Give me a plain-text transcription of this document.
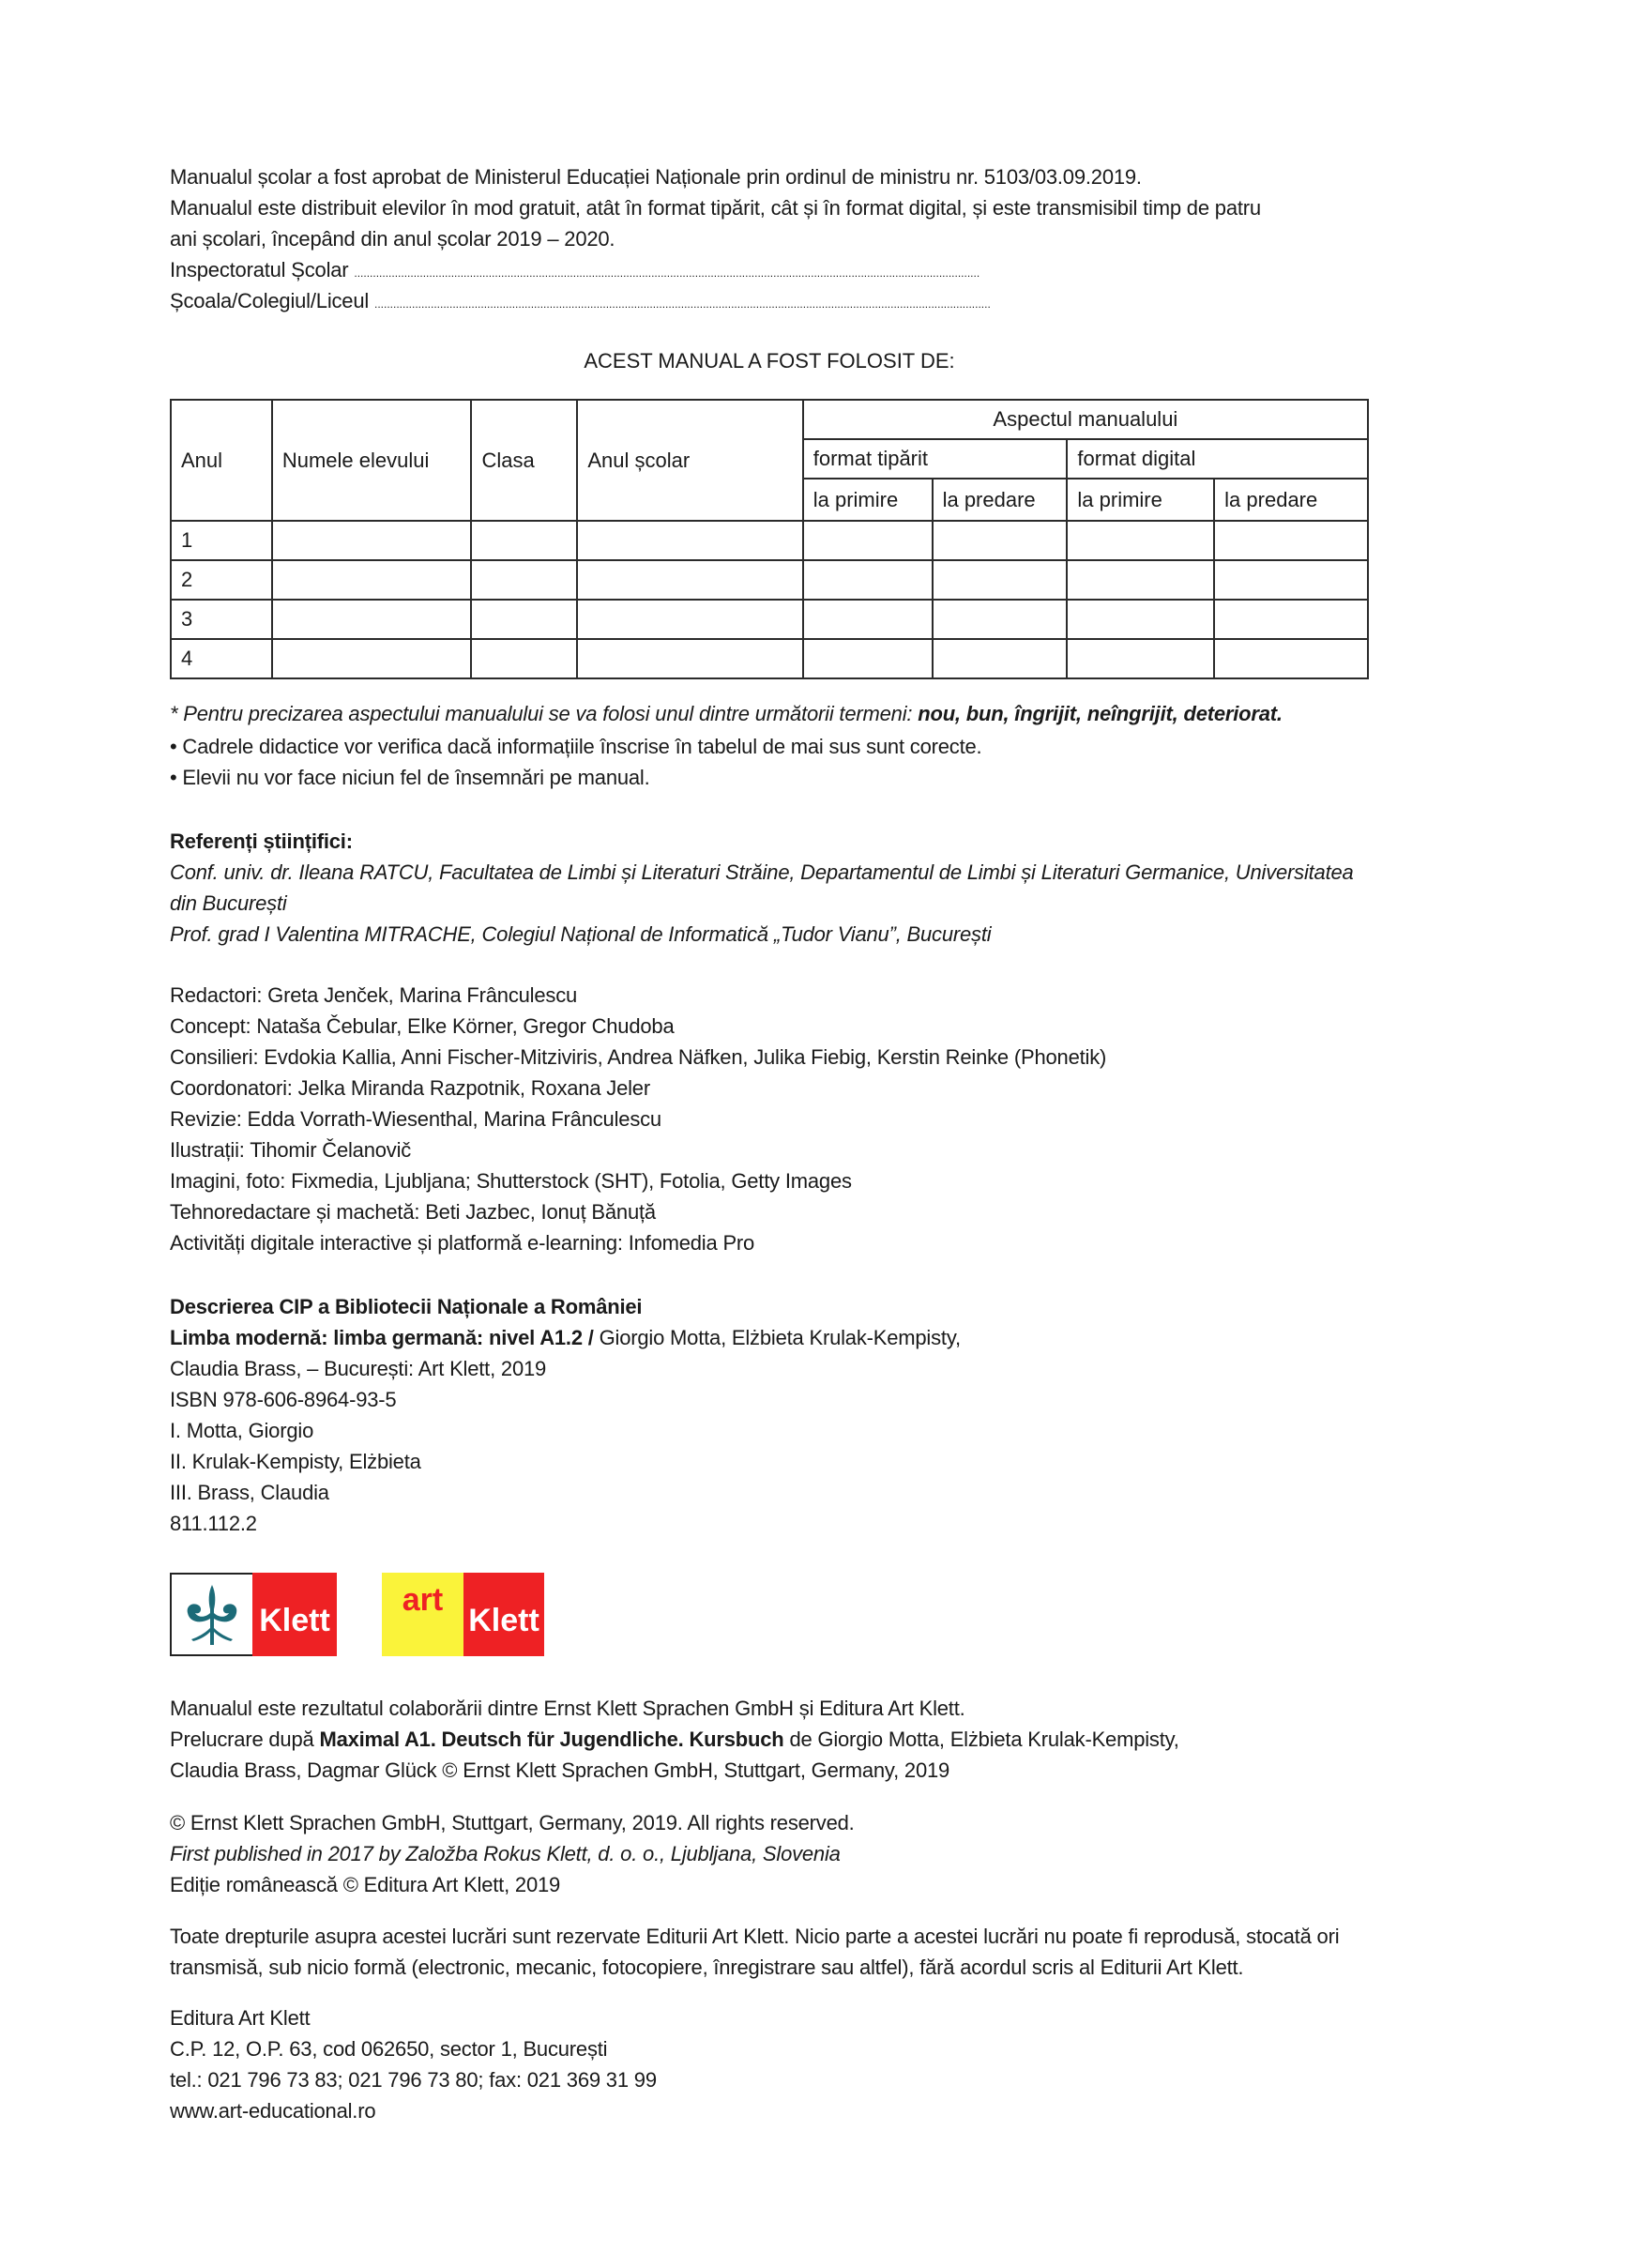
Manualul școlar a fost aprobat de Ministerul Educației Naționale prin ordinul de ministru nr. 5103/03.09.2019.
Manualul este distribuit elevilor în mod gratuit, atât în format tipărit, cât și în format digital, și este transmisibil timp de patru
ani școlari, începând din anul școlar 2019 – 2020.
Inspectoratul Școlar ........................................................................................................................................................................................................
Școala/Colegiul/Liceul .....................................................................................................................................................................................................
ACEST MANUAL A FOST FOLOSIT DE:
Anul	Numele elevului	Clasa	Anul școlar	Aspectul manualului			
				format tipărit		format digital	
				la primire	la predare	la primire	la predare
1							
2							
3							
4							
* Pentru precizarea aspectului manualului se va folosi unul dintre următorii termeni: nou, bun, îngrijit, neîngrijit, deteriorat.
• Cadrele didactice vor verifica dacă informațiile înscrise în tabelul de mai sus sunt corecte.
• Elevii nu vor face niciun fel de însemnări pe manual.
Referenți științifici:
Conf. univ. dr. Ileana RATCU, Facultatea de Limbi și Literaturi Străine, Departamentul de Limbi și Literaturi Germanice, Universitatea
din București
Prof. grad I Valentina MITRACHE, Colegiul Național de Informatică „Tudor Vianu”, București
Redactori: Greta Jenček, Marina Frânculescu
Concept: Nataša Čebular, Elke Körner, Gregor Chudoba
Consilieri: Evdokia Kallia, Anni Fischer-Mitziviris, Andrea Näfken, Julika Fiebig, Kerstin Reinke (Phonetik)
Coordonatori: Jelka Miranda Razpotnik, Roxana Jeler
Revizie: Edda Vorrath-Wiesenthal, Marina Frânculescu
Ilustrații: Tihomir Čelanovič
Imagini, foto: Fixmedia, Ljubljana; Shutterstock (SHT), Fotolia, Getty Images
Tehnoredactare și machetă: Beti Jazbec, Ionuț Bănuță
Activități digitale interactive și platformă e-learning: Infomedia Pro
Descrierea CIP a Bibliotecii Naționale a României
Limba modernă: limba germană: nivel A1.2 / Giorgio Motta, Elżbieta Krulak-Kempisty,
Claudia Brass, – București: Art Klett, 2019
ISBN 978-606-8964-93-5
I. Motta, Giorgio
II. Krulak-Kempisty, Elżbieta
III. Brass, Claudia
811.112.2
Klett
art
Klett
Manualul este rezultatul colaborării dintre Ernst Klett Sprachen GmbH și Editura Art Klett.
Prelucrare după Maximal A1. Deutsch für Jugendliche. Kursbuch de Giorgio Motta, Elżbieta Krulak-Kempisty,
Claudia Brass, Dagmar Glück © Ernst Klett Sprachen GmbH, Stuttgart, Germany, 2019
© Ernst Klett Sprachen GmbH, Stuttgart, Germany, 2019. All rights reserved.
First published in 2017 by Založba Rokus Klett, d. o. o., Ljubljana, Slovenia
Ediție românească © Editura Art Klett, 2019
Toate drepturile asupra acestei lucrări sunt rezervate Editurii Art Klett. Nicio parte a acestei lucrări nu poate fi reprodusă, stocată ori
transmisă, sub nicio formă (electronic, mecanic, fotocopiere, înregistrare sau altfel), fără acordul scris al Editurii Art Klett.
Editura Art Klett
C.P. 12, O.P. 63, cod 062650, sector 1, București
tel.: 021 796 73 83; 021 796 73 80; fax: 021 369 31 99
www.art-educational.ro
